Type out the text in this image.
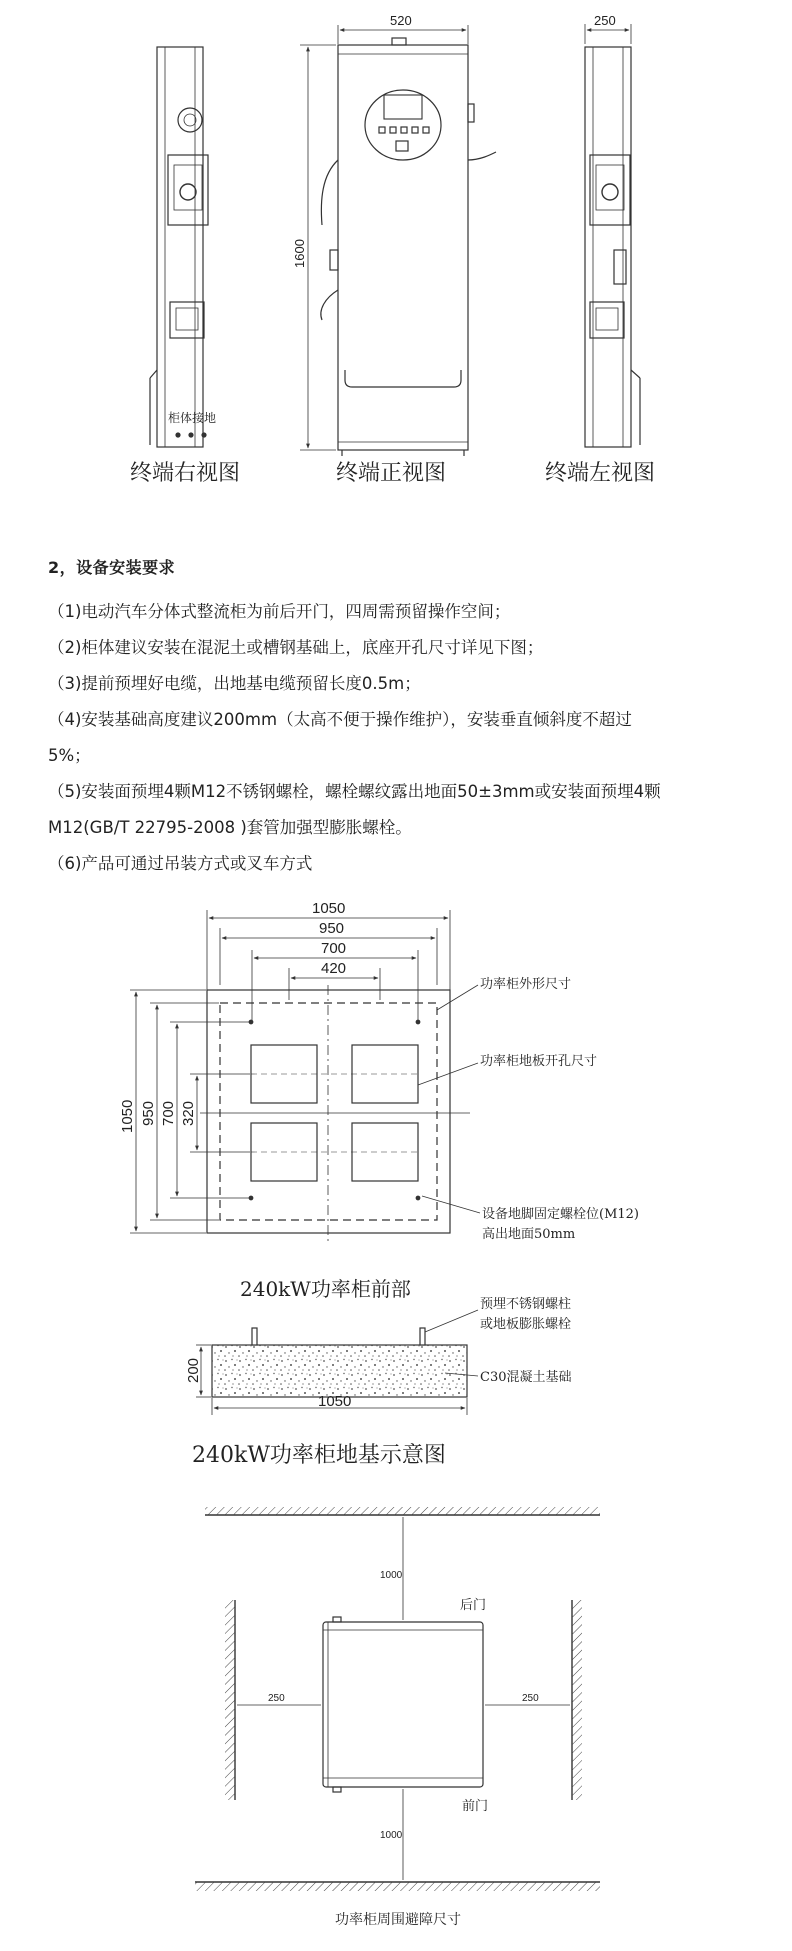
柜体接地
终端右视图
520
1600
终端正视图
250
终端左视图
1050
950
700
420
1050 950 700 320
功率柜外形尺寸
功率柜地板开孔尺寸
设备地脚固定螺栓位(M12)
高出地面50mm
240kW功率柜前部
200
1050
预埋不锈钢螺柱
或地板膨胀螺栓
C30混凝土基础
240kW功率柜地基示意图
1000
1000
250	250
后门
前门
功率柜周围避障尺寸

2，设备安装要求

（1)电动汽车分体式整流柜为前后开门，四周需预留操作空间；

（2)柜体建议安装在混泥土或槽钢基础上，底座开孔尺寸详见下图；

（3)提前预埋好电缆，出地基电缆预留长度0.5m；

（4)安装基础高度建议200mm（太高不便于操作维护），安装垂直倾斜度不超过

5%；

（5)安装面预埋4颗M12不锈钢螺栓，螺栓螺纹露出地面50±3mm或安装面预埋4颗

M12(GB/T 22795-2008 )套管加强型膨胀螺栓。

（6)产品可通过吊装方式或叉车方式
